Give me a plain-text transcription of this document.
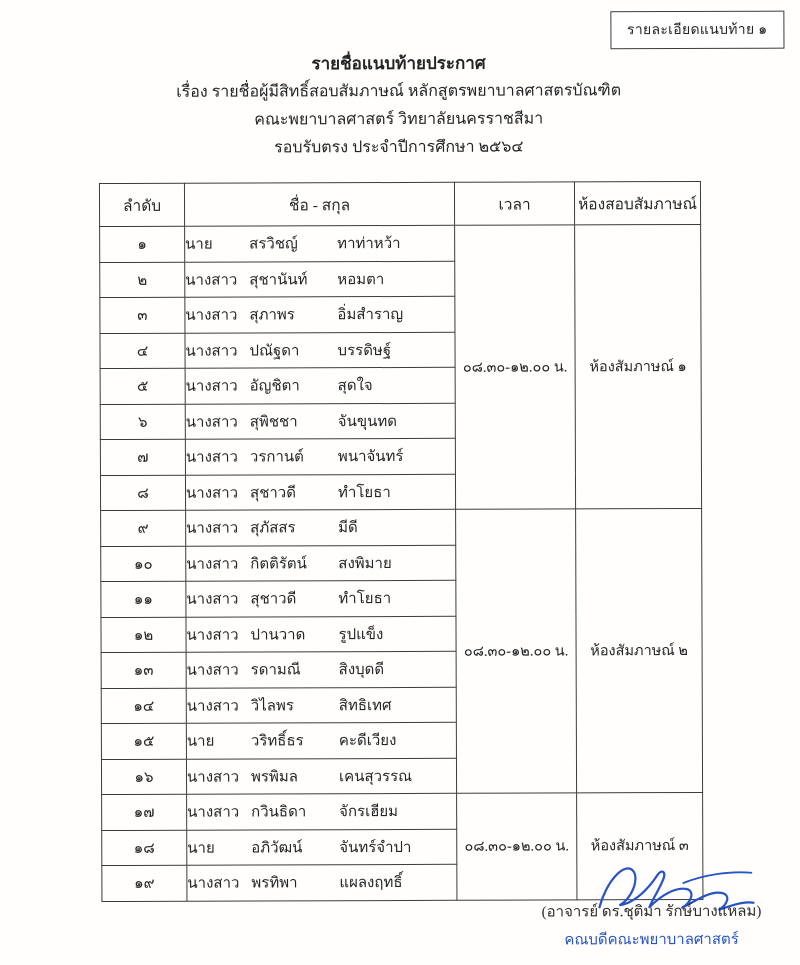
รายละเอียดแนบท้าย ๑
รายชื่อแนบท้ายประกาศ
เรื่อง รายชื่อผู้มีสิทธิ์สอบสัมภาษณ์ หลักสูตรพยาบาลศาสตรบัณฑิต
คณะพยาบาลศาสตร์ วิทยาลัยนครราชสีมา
รอบรับตรง ประจำปีการศึกษา ๒๕๖๔
ลำดับ	ชื่อ - สกุล	เวลา	ห้องสอบสัมภาษณ์
๑	นาย สรวิชญ์ ทาท่าหว้า	๐๘.๓๐-๑๒.๐๐ น.	ห้องสัมภาษณ์ ๑
๒	นางสาว สุชานันท์ หอมตา		

๓	นางสาว สุภาพร อิ่มสำราญ		

๔	นางสาว ปณัฐดา บรรดิษฐ์		

๕	นางสาว อัญชิตา สุดใจ		

๖	นางสาว สุพิชชา จันขุนทด		

๗	นางสาว วรกานต์ พนาจันทร์		

๘	นางสาว สุชาวดี ทำโยธา		

๙	นางสาว สุภัสสร มีดี	๐๘.๓๐-๑๒.๐๐ น.	ห้องสัมภาษณ์ ๒
๑๐	นางสาว กิตติรัตน์ สงพิมาย		

๑๑	นางสาว สุชาวดี ทำโยธา		

๑๒	นางสาว ปานวาด รูปแข็ง		

๑๓	นางสาว รดามณี สิงบุดดี		

๑๔	นางสาว วิไลพร สิทธิเทศ		

๑๕	นาย วริทธิ์ธร คะดีเวียง		

๑๖	นางสาว พรพิมล เคนสุวรรณ		

๑๗	นางสาว กวินธิดา จักรเฮียม	๐๘.๓๐-๑๒.๐๐ น.	ห้องสัมภาษณ์ ๓
๑๘	นาย อภิวัฒน์ จันทร์จำปา		

๑๙	นางสาว พรทิพา แผลงฤทธิ์		
(อาจารย์ ดร.ชุติมา รักษ์บางแหลม)
คณบดีคณะพยาบาลศาสตร์
